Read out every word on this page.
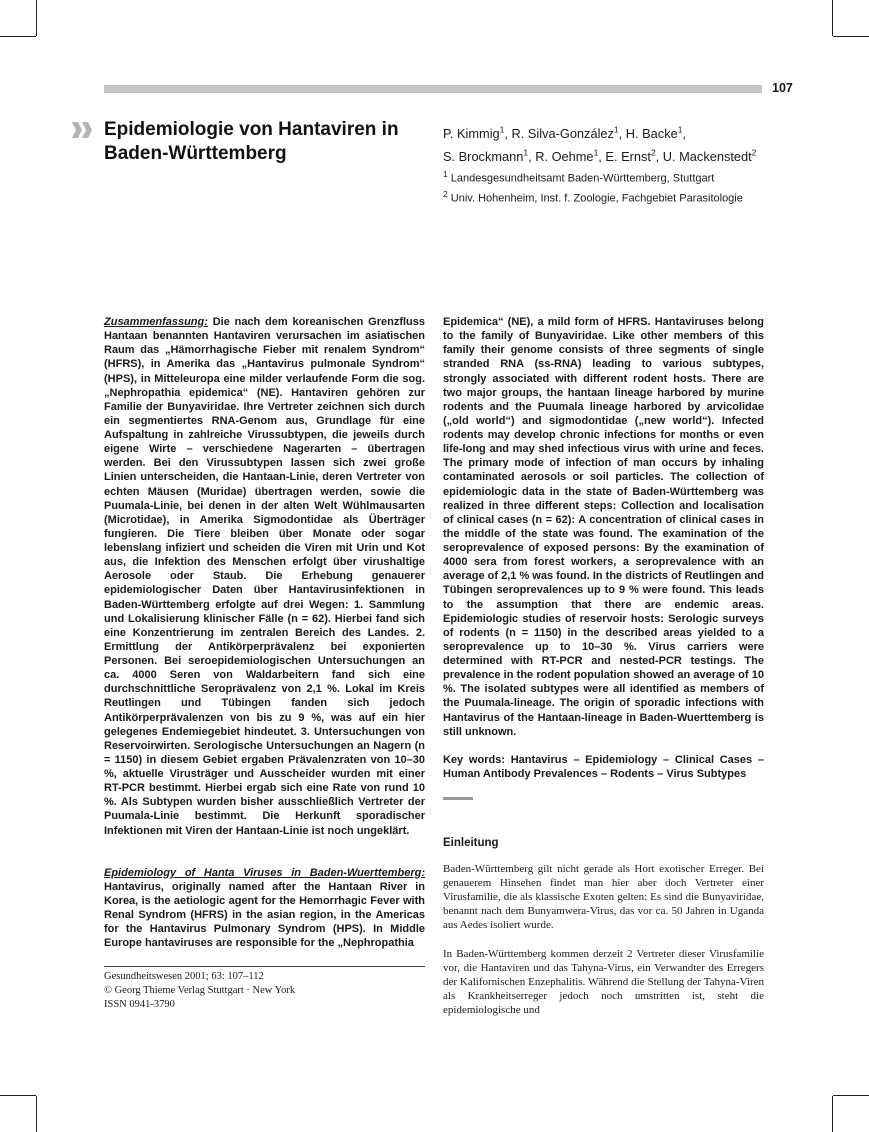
107
Epidemiologie von Hantaviren in Baden-Württemberg
P. Kimmig$^1$, R. Silva-González$^1$, H. Backe$^1$,
S. Brockmann$^1$, R. Oehme$^1$, E. Ernst$^2$, U. Mackenstedt$^2$
$^1$ Landesgesundheitsamt Baden-Württemberg, Stuttgart
$^2$ Univ. Hohenheim, Inst. f. Zoologie, Fachgebiet Parasitologie

Zusammenfassung: Die nach dem koreanischen Grenzfluss Hantaan benannten Hantaviren verursachen im asiatischen Raum das „Hämorrhagische Fieber mit renalem Syndrom“ (HFRS), in Amerika das „Hantavirus pulmonale Syndrom“ (HPS), in Mitteleuropa eine milder verlaufende Form die sog. „Nephropathia epidemica“ (NE). Hantaviren gehören zur Familie der Bunyaviridae. Ihre Vertreter zeichnen sich durch ein segmentiertes RNA-Genom aus, Grundlage für eine Aufspaltung in zahlreiche Virussubtypen, die jeweils durch eigene Wirte – verschiedene Nagerarten – übertragen werden. Bei den Virussubtypen lassen sich zwei große Linien unterscheiden, die Hantaan-Linie, deren Vertreter von echten Mäusen (Muridae) übertragen werden, sowie die Puumala-Linie, bei denen in der alten Welt Wühlmausarten (Microtidae), in Amerika Sigmodontidae als Überträger fungieren. Die Tiere bleiben über Monate oder sogar lebenslang infiziert und scheiden die Viren mit Urin und Kot aus, die Infektion des Menschen erfolgt über virushaltige Aerosole oder Staub. Die Erhebung genauerer epidemiologischer Daten über Hantavirusinfektionen in Baden-Württemberg erfolgte auf drei Wegen: 1. Sammlung und Lokalisierung klinischer Fälle (n = 62). Hierbei fand sich eine Konzentrierung im zentralen Bereich des Landes. 2. Ermittlung der Antikörperprävalenz bei exponierten Personen. Bei seroepidemiologischen Untersuchungen an ca. 4000 Seren von Waldarbeitern fand sich eine durchschnittliche Seroprävalenz von 2,1 %. Lokal im Kreis Reutlingen und Tübingen fanden sich jedoch Antikörperprävalenzen von bis zu 9 %, was auf ein hier gelegenes Endemiegebiet hindeutet. 3. Untersuchungen von Reservoirwirten. Serologische Untersuchungen an Nagern (n = 1150) in diesem Gebiet ergaben Prävalenzraten von 10–30 %, aktuelle Virusträger und Ausscheider wurden mit einer RT-PCR bestimmt. Hierbei ergab sich eine Rate von rund 10 %. Als Subtypen wurden bisher ausschließlich Vertreter der Puumala-Linie bestimmt. Die Herkunft sporadischer Infektionen mit Viren der Hantaan-Linie ist noch ungeklärt.

Epidemiology of Hanta Viruses in Baden-Wuerttemberg: Hantavirus, originally named after the Hantaan River in Korea, is the aetiologic agent for the Hemorrhagic Fever with Renal Syndrom (HFRS) in the asian region, in the Americas for the Hantavirus Pulmonary Syndrom (HPS). In Middle Europe hantaviruses are responsible for the „Nephropathia

Epidemica“ (NE), a mild form of HFRS. Hantaviruses belong to the family of Bunyaviridae. Like other members of this family their genome consists of three segments of single stranded RNA (ss-RNA) leading to various subtypes, strongly associated with different rodent hosts. There are two major groups, the hantaan lineage harbored by murine rodents and the Puumala lineage harbored by arvicolidae („old world“) and sigmodontidae („new world“). Infected rodents may develop chronic infections for months or even life-long and may shed infectious virus with urine and feces. The primary mode of infection of man occurs by inhaling contaminated aerosols or soil particles. The collection of epidemiologic data in the state of Baden-Württemberg was realized in three different steps: Collection and localisation of clinical cases (n = 62): A concentration of clinical cases in the middle of the state was found. The examination of the seroprevalence of exposed persons: By the examination of 4000 sera from forest workers, a seroprevalence with an average of 2,1 % was found. In the districts of Reutlingen and Tübingen seroprevalences up to 9 % were found. This leads to the assumption that there are endemic areas. Epidemiologic studies of reservoir hosts: Serologic surveys of rodents (n = 1150) in the described areas yielded to a seroprevalence up to 10–30 %. Virus carriers were determined with RT-PCR and nested-PCR testings. The prevalence in the rodent population showed an average of 10 %. The isolated subtypes were all identified as members of the Puumala-lineage. The origin of sporadic infections with Hantavirus of the Hantaan-lineage in Baden-Wuerttemberg is still unknown.

Key words: Hantavirus – Epidemiology – Clinical Cases – Human Antibody Prevalences – Rodents – Virus Subtypes

Einleitung

Baden-Württemberg gilt nicht gerade als Hort exotischer Erreger. Bei genauerem Hinsehen findet man hier aber doch Vertreter einer Virusfamilie, die als klassische Exoten gelten: Es sind die Bunyaviridae, benannt nach dem Bunyamwera-Virus, das vor ca. 50 Jahren in Uganda aus Aedes isoliert wurde.

In Baden-Württemberg kommen derzeit 2 Vertreter dieser Virusfamilie vor, die Hantaviren und das Tahyna-Virus, ein Verwandter des Erregers der Kalifornischen Enzephalitis. Während die Stellung der Tahyna-Viren als Krankheitserreger jedoch noch umstritten ist, steht die epidemiologische und

Gesundheitswesen 2001; 63: 107–112
© Georg Thieme Verlag Stuttgart · New York
ISSN 0941-3790
